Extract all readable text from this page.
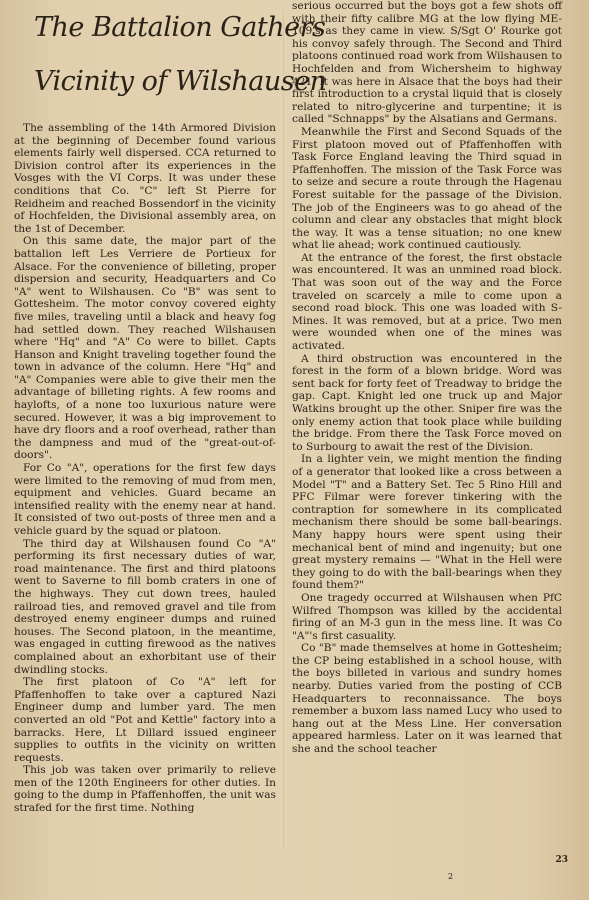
The Battalion Gathers
Vicinity of Wilshausen

The assembling of the 14th Armored Division at the beginning of December found various elements fairly well dispersed. CCA returned to Division control after its experiences in the Vosges with the VI Corps. It was under these conditions that Co. "C" left St Pierre for Reidheim and reached Bossendorf in the vicinity of Hochfelden, the Divisional assembly area, on the 1st of December.

On this same date, the major part of the battalion left Les Verriere de Portieux for Alsace. For the convenience of billeting, proper dispersion and security, Headquarters and Co "A" went to Wilshausen. Co "B" was sent to Gottesheim. The motor convoy covered eighty five miles, traveling until a black and heavy fog had settled down. They reached Wilshausen where "Hq" and "A" Co were to billet. Capts Hanson and Knight traveling together found the town in advance of the column. Here "Hq" and "A" Companies were able to give their men the advantage of billeting rights. A few rooms and haylofts, of a none too luxurious nature were secured. However, it was a big improvement to have dry floors and a roof overhead, rather than the dampness and mud of the "great-out-of-doors".

For Co "A", operations for the first few days were limited to the removing of mud from men, equipment and vehicles. Guard became an intensified reality with the enemy near at hand. It consisted of two out-posts of three men and a vehicle guard by the squad or platoon.

The third day at Wilshausen found Co "A" performing its first necessary duties of war, road maintenance. The first and third platoons went to Saverne to fill bomb craters in one of the highways. They cut down trees, hauled railroad ties, and removed gravel and tile from destroyed enemy engineer dumps and ruined houses. The Second platoon, in the meantime, was engaged in cutting firewood as the natives complained about an exhorbitant use of their dwindling stocks.

The first platoon of Co "A" left for Pfaffenhoffen to take over a captured Nazi Engineer dump and lumber yard. The men converted an old "Pot and Kettle" factory into a barracks. Here, Lt Dillard issued engineer supplies to outfits in the vicinity on written requests.

This job was taken over primarily to relieve men of the 120th Engineers for other duties. In going to the dump in Pfaffenhoffen, the unit was strafed for the first time. Nothing

serious occurred but the boys got a few shots off with their fifty calibre MG at the low flying ME-109's as they came in view. S/Sgt O' Rourke got his convoy safely through. The Second and Third platoons continued road work from Wilshausen to Hochfelden and from Wichersheim to highway 421. It was here in Alsace that the boys had their first introduction to a crystal liquid that is closely related to nitro-glycerine and turpentine; it is called "Schnapps" by the Alsatians and Germans.

Meanwhile the First and Second Squads of the First platoon moved out of Pfaffenhoffen with Task Force England leaving the Third squad in Pfaffenhoffen. The mission of the Task Force was to seize and secure a route through the Hagenau Forest suitable for the passage of the Division. The job of the Engineers was to go ahead of the column and clear any obstacles that might block the way. It was a tense situation; no one knew what lie ahead; work continued cautiously.

At the entrance of the forest, the first obstacle was encountered. It was an unmined road block. That was soon out of the way and the Force traveled on scarcely a mile to come upon a second road block. This one was loaded with S-Mines. It was removed, but at a price. Two men were wounded when one of the mines was activated.

A third obstruction was encountered in the forest in the form of a blown bridge. Word was sent back for forty feet of Treadway to bridge the gap. Capt. Knight led one truck up and Major Watkins brought up the other. Sniper fire was the only enemy action that took place while building the bridge. From there the Task Force moved on to Surbourg to await the rest of the Division.

In a lighter vein, we might mention the finding of a generator that looked like a cross between a Model "T" and a Battery Set. Tec 5 Rino Hill and PFC Filmar were forever tinkering with the contraption for somewhere in its complicated mechanism there should be some ball-bearings. Many happy hours were spent using their mechanical bent of mind and ingenuity; but one great mystery remains — "What in the Hell were they going to do with the ball-bearings when they found them?"

One tragedy occurred at Wilshausen when PfC Wilfred Thompson was killed by the accidental firing of an M-3 gun in the mess line. It was Co "A"'s first casuality.

Co "B" made themselves at home in Gottesheim; the CP being established in a school house, with the boys billeted in various and sundry homes nearby. Duties varied from the posting of CCB Headquarters to reconnaissance. The boys remember a buxom lass named Lucy who used to hang out at the Mess Line. Her conversation appeared harmless. Later on it was learned that she and the school teacher

23
2
